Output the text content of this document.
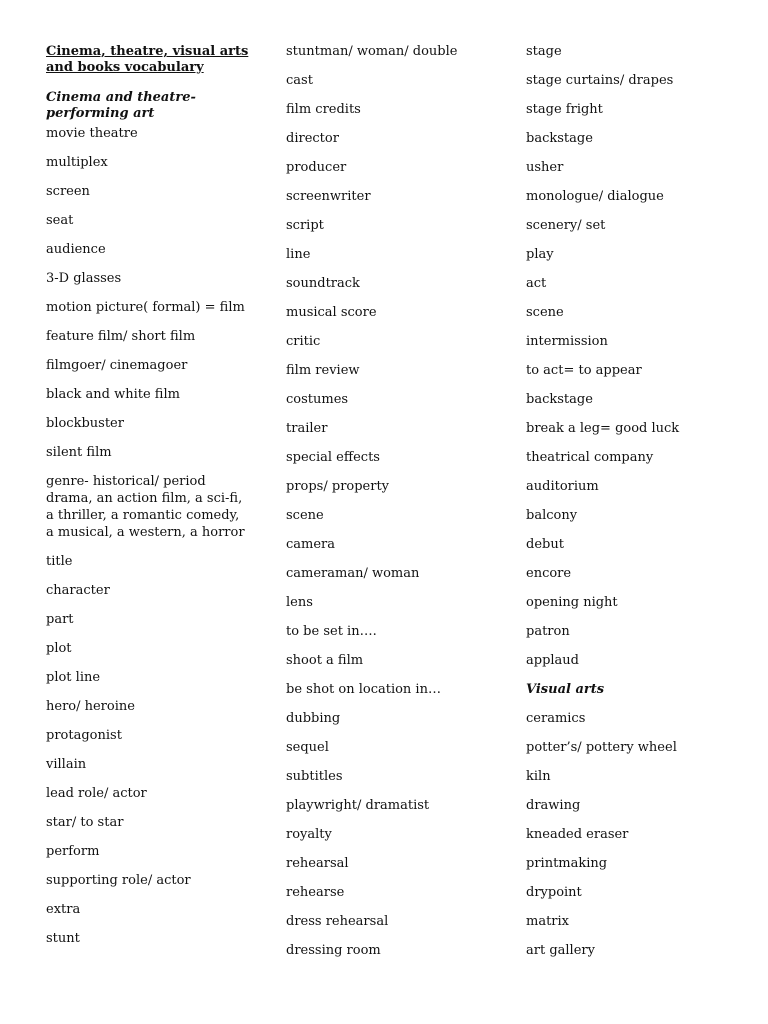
Cinema, theatre, visual arts and books vocabulary
Cinema and theatre- performing art
movie theatre
multiplex
screen
seat
audience
3-D glasses
motion picture( formal) = film
feature film/ short film
filmgoer/ cinemagoer
black and white film
blockbuster
silent film
genre- historical/ period drama, an action film, a sci-fi, a thriller, a romantic comedy, a musical, a western, a horror
title
character
part
plot
plot line
hero/ heroine
protagonist
villain
lead role/ actor
star/ to star
perform
supporting role/ actor
extra
stunt
stuntman/ woman/ double
cast
film credits
director
producer
screenwriter
script
line
soundtrack
musical score
critic
film review
costumes
trailer
special effects
props/ property
scene
camera
cameraman/ woman
lens
to be set in….
shoot a film
be shot on location in…
dubbing
sequel
subtitles
playwright/ dramatist
royalty
rehearsal
rehearse
dress rehearsal
dressing room
stage
stage curtains/ drapes
stage fright
backstage
usher
monologue/ dialogue
scenery/ set
play
act
scene
intermission
to act= to appear
backstage
break a leg= good luck
theatrical company
auditorium
balcony
debut
encore
opening night
patron
applaud
Visual arts
ceramics
potter’s/ pottery wheel
kiln
drawing
kneaded eraser
printmaking
drypoint
matrix
art gallery
